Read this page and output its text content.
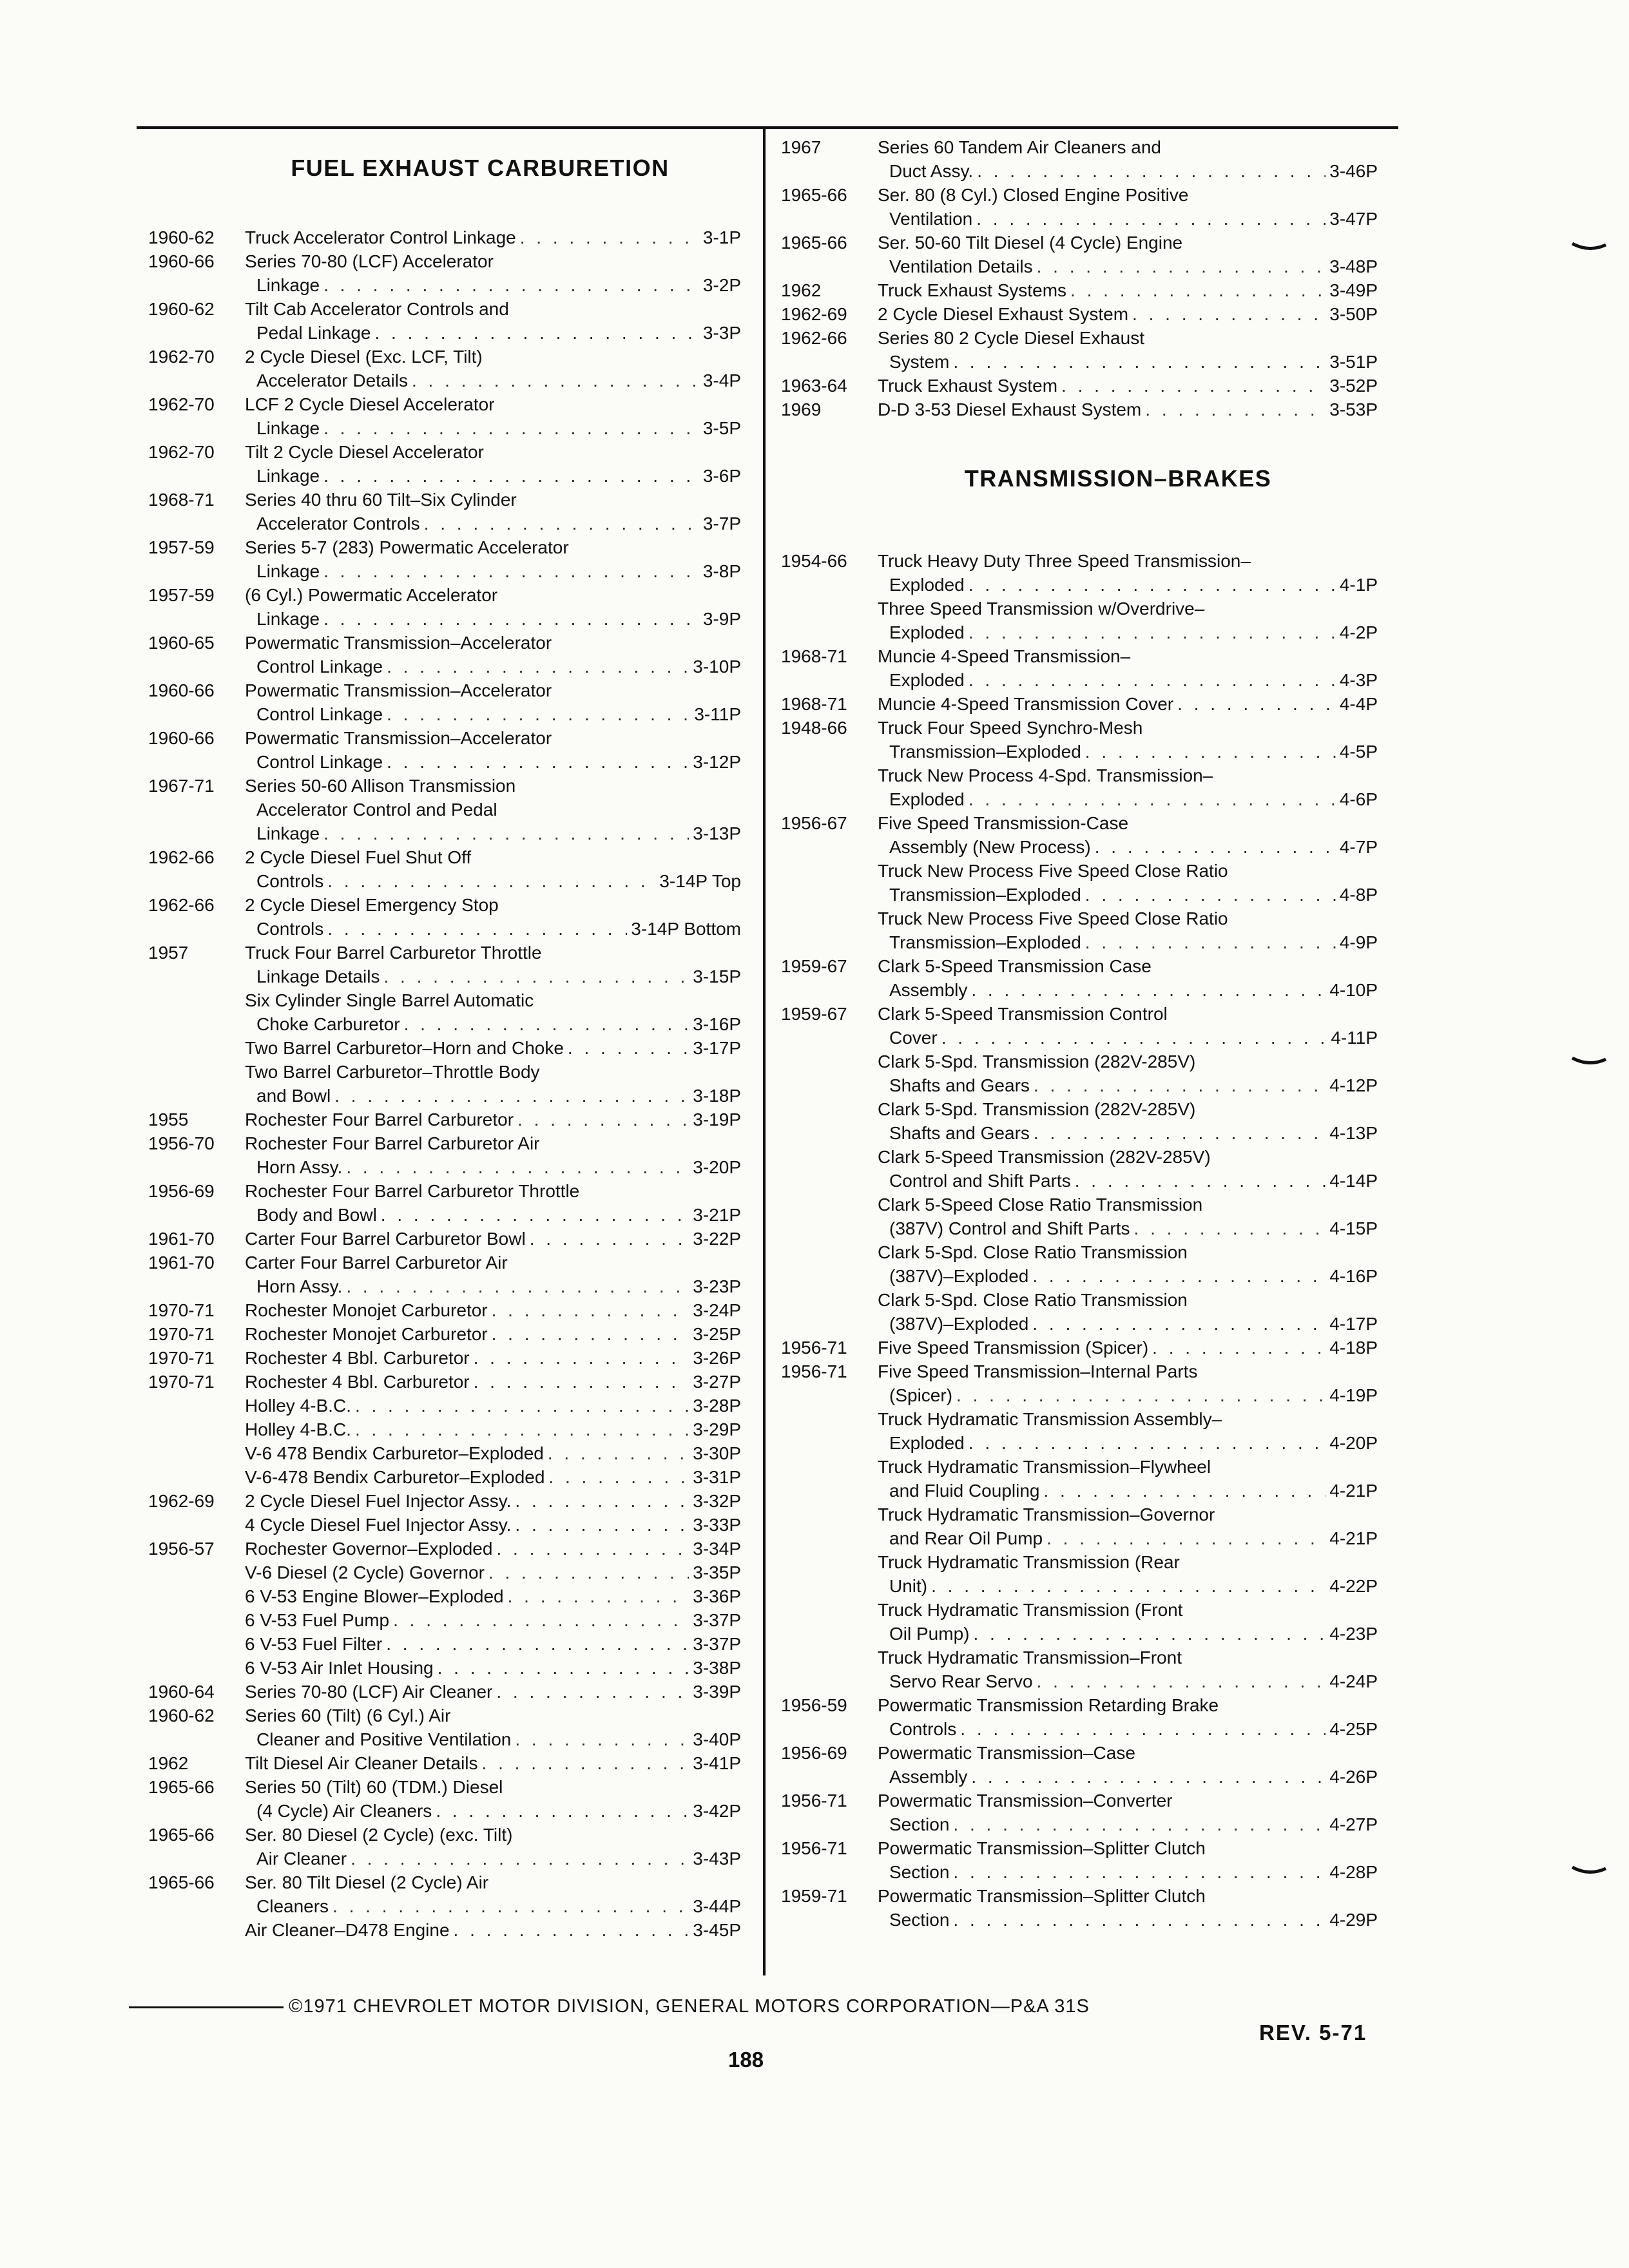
FUEL EXHAUST CARBURETION
1960-62	Truck Accelerator Control Linkage . . .	3-1P
1960-66	Series 70-80 (LCF) Accelerator
Linkage . . .	3-2P
1960-62	Tilt Cab Accelerator Controls and
Pedal Linkage . . .	3-3P
1962-70	2 Cycle Diesel (Exc. LCF, Tilt)
Accelerator Details . . .	3-4P
1962-70	LCF 2 Cycle Diesel Accelerator
Linkage . . .	3-5P
1962-70	Tilt 2 Cycle Diesel Accelerator
Linkage . . .	3-6P
1968-71	Series 40 thru 60 Tilt–Six Cylinder
Accelerator Controls . . .	3-7P
1957-59	Series 5-7 (283) Powermatic Accelerator
Linkage . . .	3-8P
1957-59	(6 Cyl.) Powermatic Accelerator
Linkage . . .	3-9P
1960-65	Powermatic Transmission–Accelerator
Control Linkage . . .	3-10P
1960-66	Powermatic Transmission–Accelerator
Control Linkage . . .	3-11P
1960-66	Powermatic Transmission–Accelerator
Control Linkage . . .	3-12P
1967-71	Series 50-60 Allison Transmission
Accelerator Control and Pedal
Linkage . . .	3-13P
1962-66	2 Cycle Diesel Fuel Shut Off
Controls . . .	3-14P Top
1962-66	2 Cycle Diesel Emergency Stop
Controls . . .	3-14P Bottom
1957	Truck Four Barrel Carburetor Throttle
Linkage Details . . .	3-15P
Six Cylinder Single Barrel Automatic
Choke Carburetor . . .	3-16P
Two Barrel Carburetor–Horn and Choke . . .	3-17P
Two Barrel Carburetor–Throttle Body
and Bowl . . .	3-18P
1955	Rochester Four Barrel Carburetor . . .	3-19P
1956-70	Rochester Four Barrel Carburetor Air
Horn Assy. . . .	3-20P
1956-69	Rochester Four Barrel Carburetor Throttle
Body and Bowl . . .	3-21P
1961-70	Carter Four Barrel Carburetor Bowl . . .	3-22P
1961-70	Carter Four Barrel Carburetor Air
Horn Assy. . . .	3-23P
1970-71	Rochester Monojet Carburetor . . .	3-24P
1970-71	Rochester Monojet Carburetor . . .	3-25P
1970-71	Rochester 4 Bbl. Carburetor . . .	3-26P
1970-71	Rochester 4 Bbl. Carburetor . . .	3-27P
Holley 4-B.C. . . .	3-28P
Holley 4-B.C. . . .	3-29P
V-6 478 Bendix Carburetor–Exploded . . .	3-30P
V-6-478 Bendix Carburetor–Exploded . . .	3-31P
1962-69	2 Cycle Diesel Fuel Injector Assy. . . .	3-32P
4 Cycle Diesel Fuel Injector Assy. . . .	3-33P
1956-57	Rochester Governor–Exploded . . .	3-34P
V-6 Diesel (2 Cycle) Governor . . .	3-35P
6 V-53 Engine Blower–Exploded . . .	3-36P
6 V-53 Fuel Pump . . .	3-37P
6 V-53 Fuel Filter . . .	3-37P
6 V-53 Air Inlet Housing . . .	3-38P
1960-64	Series 70-80 (LCF) Air Cleaner . . .	3-39P
1960-62	Series 60 (Tilt) (6 Cyl.) Air
Cleaner and Positive Ventilation . . .	3-40P
1962	Tilt Diesel Air Cleaner Details . . .	3-41P
1965-66	Series 50 (Tilt) 60 (TDM.) Diesel
(4 Cycle) Air Cleaners . . .	3-42P
1965-66	Ser. 80 Diesel (2 Cycle) (exc. Tilt)
Air Cleaner . . .	3-43P
1965-66	Ser. 80 Tilt Diesel (2 Cycle) Air
Cleaners . . .	3-44P
Air Cleaner–D478 Engine . . .	3-45P
1967	Series 60 Tandem Air Cleaners and
Duct Assy. . . .	3-46P
1965-66	Ser. 80 (8 Cyl.) Closed Engine Positive
Ventilation . . .	3-47P
1965-66	Ser. 50-60 Tilt Diesel (4 Cycle) Engine
Ventilation Details . . .	3-48P
1962	Truck Exhaust Systems . . .	3-49P
1962-69	2 Cycle Diesel Exhaust System . . .	3-50P
1962-66	Series 80 2 Cycle Diesel Exhaust
System . . .	3-51P
1963-64	Truck Exhaust System . . .	3-52P
1969	D-D 3-53 Diesel Exhaust System . . .	3-53P
TRANSMISSION–BRAKES
1954-66	Truck Heavy Duty Three Speed Transmission–
Exploded . . .	4-1P
Three Speed Transmission w/Overdrive–
Exploded . . .	4-2P
1968-71	Muncie 4-Speed Transmission–
Exploded . . .	4-3P
1968-71	Muncie 4-Speed Transmission Cover . . .	4-4P
1948-66	Truck Four Speed Synchro-Mesh
Transmission–Exploded . . .	4-5P
Truck New Process 4-Spd. Transmission–
Exploded . . .	4-6P
1956-67	Five Speed Transmission-Case
Assembly (New Process) . . .	4-7P
Truck New Process Five Speed Close Ratio
Transmission–Exploded . . .	4-8P
Truck New Process Five Speed Close Ratio
Transmission–Exploded . . .	4-9P
1959-67	Clark 5-Speed Transmission Case
Assembly . . .	4-10P
1959-67	Clark 5-Speed Transmission Control
Cover . . .	4-11P
Clark 5-Spd. Transmission (282V-285V)
Shafts and Gears . . .	4-12P
Clark 5-Spd. Transmission (282V-285V)
Shafts and Gears . . .	4-13P
Clark 5-Speed Transmission (282V-285V)
Control and Shift Parts . . .	4-14P
Clark 5-Speed Close Ratio Transmission
(387V) Control and Shift Parts . . .	4-15P
Clark 5-Spd. Close Ratio Transmission
(387V)–Exploded . . .	4-16P
Clark 5-Spd. Close Ratio Transmission
(387V)–Exploded . . .	4-17P
1956-71	Five Speed Transmission (Spicer) . . .	4-18P
1956-71	Five Speed Transmission–Internal Parts
(Spicer) . . .	4-19P
Truck Hydramatic Transmission Assembly–
Exploded . . .	4-20P
Truck Hydramatic Transmission–Flywheel
and Fluid Coupling . . .	4-21P
Truck Hydramatic Transmission–Governor
and Rear Oil Pump . . .	4-21P
Truck Hydramatic Transmission (Rear
Unit) . . .	4-22P
Truck Hydramatic Transmission (Front
Oil Pump) . . .	4-23P
Truck Hydramatic Transmission–Front
Servo Rear Servo . . .	4-24P
1956-59	Powermatic Transmission Retarding Brake
Controls . . .	4-25P
1956-69	Powermatic Transmission–Case
Assembly . . .	4-26P
1956-71	Powermatic Transmission–Converter
Section . . .	4-27P
1956-71	Powermatic Transmission–Splitter Clutch
Section . . .	4-28P
1959-71	Powermatic Transmission–Splitter Clutch
Section . . .	4-29P
©1971 CHEVROLET MOTOR DIVISION, GENERAL MOTORS CORPORATION—P&A 31S
REV. 5-71
188
